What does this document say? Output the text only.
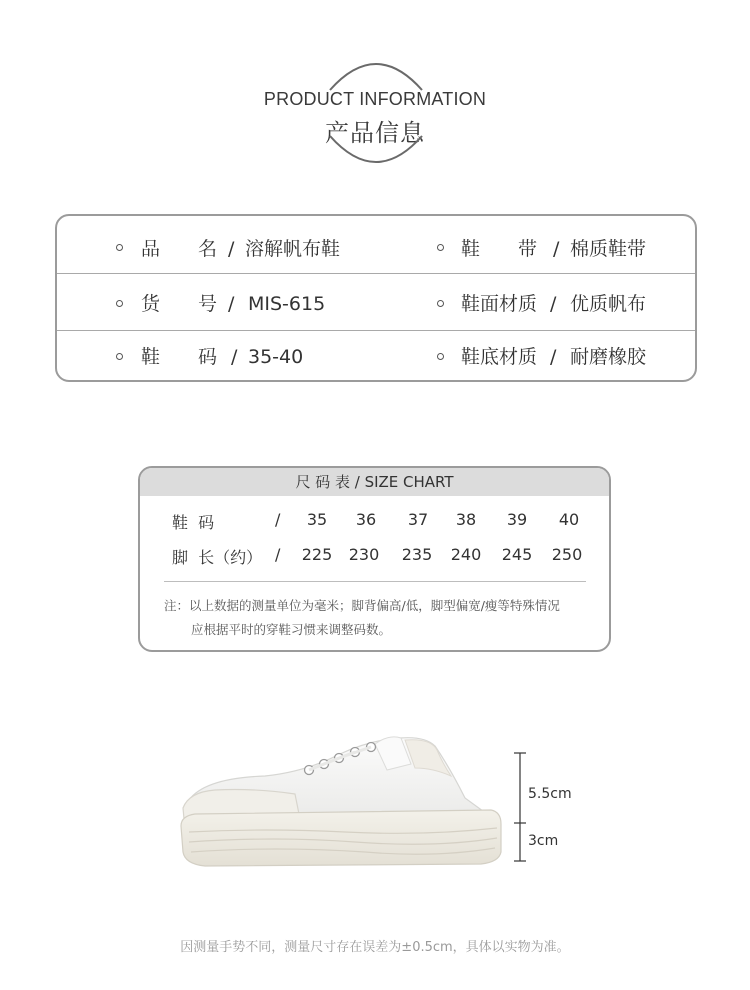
PRODUCT INFORMATION
产品信息
品　　名 / 溶解帆布鞋	鞋　　带 / 棉质鞋带
货　　号 / MIS-615	鞋面材质 / 优质帆布
鞋　　码 / 35-40	鞋底材质 / 耐磨橡胶
尺 码 表 / SIZE CHART
鞋  码	/	35	36	37	38	39	40
脚  长（约） / 225 230 235 240 245 250
注：以上数据的测量单位为毫米；脚背偏高/低，脚型偏宽/瘦等特殊情况
应根据平时的穿鞋习惯来调整码数。
5.5cm
3cm
因测量手势不同，测量尺寸存在误差为±0.5cm，具体以实物为准。
